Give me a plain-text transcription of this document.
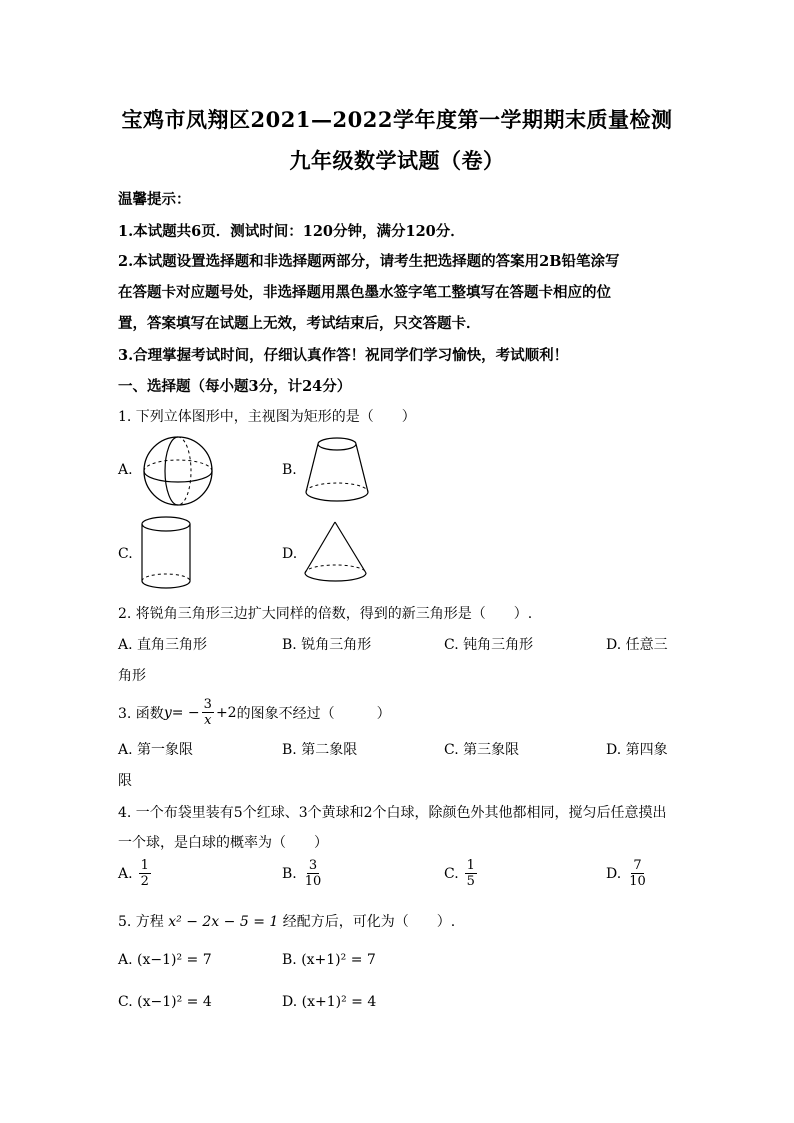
宝鸡市凤翔区2021—2022学年度第一学期期末质量检测
九年级数学试题（卷）
温馨提示：
1.本试题共6页．测试时间：120分钟，满分120分．
2.本试题设置选择题和非选择题两部分，请考生把选择题的答案用2B铅笔涂写
在答题卡对应题号处，非选择题用黑色墨水签字笔工整填写在答题卡相应的位
置，答案填写在试题上无效，考试结束后，只交答题卡．
3.合理掌握考试时间，仔细认真作答！祝同学们学习愉快，考试顺利！
一、选择题（每小题3分，计24分）
1. 下列立体图形中，主视图为矩形的是（　　）
A.	B.
C.	D.
2. 将锐角三角形三边扩大同样的倍数，得到的新三角形是（　　）.
A. 直角三角形	B. 锐角三角形	C. 钝角三角形	D. 任意三
角形
3. 函数 y = − $\frac{3}{x} +2$ 的图象不经过（　　　）
A. 第一象限	B. 第二象限	C. 第三象限	D. 第四象
限
4. 一个布袋里装有5个红球、3个黄球和2个白球，除颜色外其他都相同，搅匀后任意摸出
一个球，是白球的概率为（　　）
A. $\frac{1}{2}$	B. $\frac{3}{10}$	C. $\frac{1}{5}$	D. $\frac{7}{10}$
5. 方程 x² − 2x − 5 = 1 经配方后，可化为（　　）.
A. (x−1)² = 7	B. (x+1)² = 7
C. (x−1)² = 4	D. (x+1)² = 4
